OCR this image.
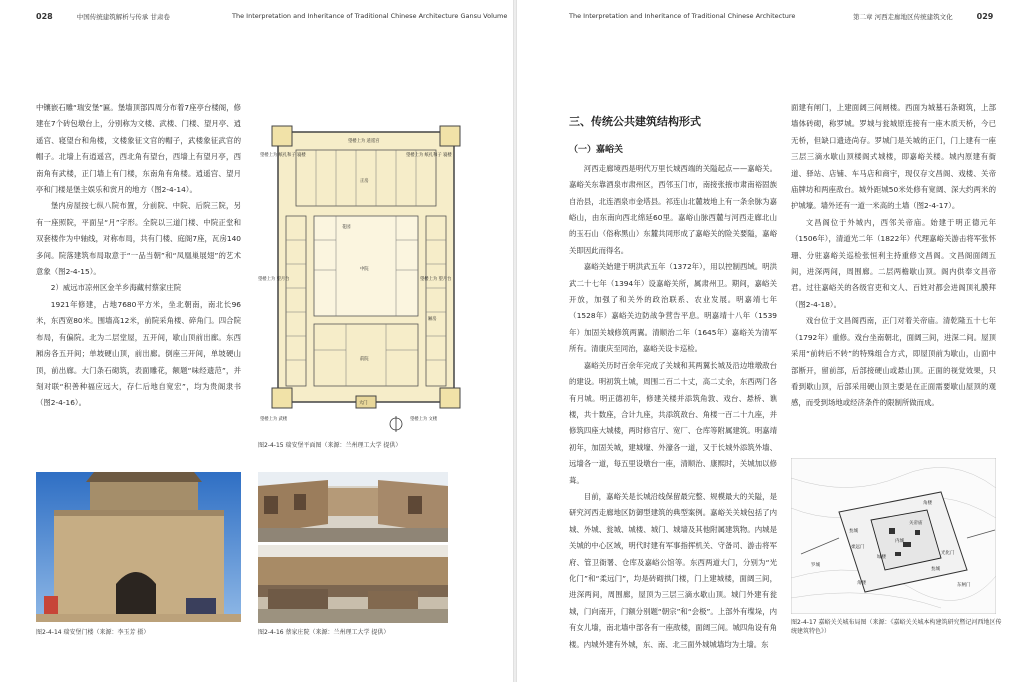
028	中国传统建筑解析与传承 甘肃卷	The Interpretation and Inheritance of Traditional Chinese Architecture Gansu Volume

中镶嵌石雕“瑞安堡”匾。堡墙顶部四周分布着7座亭台楼阁，修建在7个砖包墩台上，分别称为文楼、武楼、门楼、望月亭、逍遥宫、寝望台和角楼，文楼象征文官的帽子，武楼象征武官的帽子。北墙上有逍遥宫，西北角有望台，西墙上有望月亭，西南角有武楼，正门墙上有门楼，东南角有角楼。逍遥宫、望月亭和门楼是堡主娱乐和赏月的地方（图2-4-14）。

堡内房屋按七纵八院布置，分前院、中院、后院三院，另有一座照院，平面呈“月”字形。全院以三道门楼、中院正堂和双套楼作为中轴线，对称布局，共有门楼、庭阁7座，瓦房140多间。院落建筑布局取意于“一品当朝”和“凤凰巢展翅”的艺术意象（图2-4-15）。

2）威远市凉州区金羊乡海藏村蔡家庄院

1921年修建，占地7680平方米，坐北朝南，南北长96米，东西宽80米。围墙高12米，前院采角楼、碎角门。四合院布局，有偏院。北为二层堂屋，五开间，歇山顶前出廊。东西厢房各五开间；单坡硬山顶，前出廊。倒座三开间，单坡硬山顶，前出廊。大门条石砌筑，表面雕花，额题“味经遗范”，并刻对联“积善种福应远大，存仁后地自宽宏”，均为贵阁隶书（图2-4-16）。

望楼上为 纸扎和子 寝楼
望楼上为 逍遥宫
望楼上为 纸扎和子 寝楼
望楼上为 望月台	望楼上为 望月台
望楼上为 武楼	望楼上为 文楼
正房
中院
前院
花园
厢房
大门
图2-4-15 瑞安堡平面图（来源：兰州理工大学 提供）
图2-4-14 瑞安堡门楼（来源：李玉芳 摄）	图2-4-16 蔡家庄院（来源：兰州理工大学 提供）
The Interpretation and Inheritance of Traditional Chinese Architecture	第二章 河西走廊地区传统建筑文化	029
三、传统公共建筑结构形式
（一）嘉峪关

河西走廊境西是明代万里长城西端的关隘起点——嘉峪关。嘉峪关东靠酒泉市肃州区，西邻玉门市，南接张掖市肃南裕固族自治县，北连酒泉市金塔县。祁连山北麓坡地上有一条余脉为嘉峪山，由东南向西北绵延60里。嘉峪山脉西麓与河西走廊北山的玉石山（俗称黑山）东麓共同形成了嘉峪关的险关要隘，嘉峪关即因此而得名。

嘉峪关始建于明洪武五年（1372年），用以控制西域。明洪武二十七年（1394年）设嘉峪关所，属肃州卫。期间，嘉峪关开放，加强了和关外的政治联系、农业发展。明嘉靖七年（1528年）嘉峪关边防战争营告平息。明嘉靖十八年（1539年）加固关城修筑两翼。清顺治二年（1645年）嘉峪关为清军所有。清康庆至同治，嘉峪关设卡巡检。

嘉峪关历时百余年完成了关城和其两翼长城及沿边堆墩敌台的建设。明初筑土城，周围二百二十丈，高二丈余，东西两门各有月城。明正德初年，修建关楼并添筑角敦、戏台、悬桥、谯楼，共十数座，合计九座，共添筑敌台、角楼一百二十九座，并修筑四座大城楼，两时修官厅、宽厂、仓库等附属建筑。明嘉靖初年，加固关城，建城壕、外濠各一道，又于长城外添筑外墙、远墙各一道，每五里设墩台一座，清顺治、康熙时，关城加以修葺。

目前，嘉峪关是长城沿线保留最完整、规模最大的关隘，是研究河西走廊地区防御型建筑的典型案例。嘉峪关关城包括了内城、外城、瓮城、城楼、城门、城墙及其他附属建筑物。内城是关城的中心区域，明代时建有军事指挥机关、守备司、游击将军府、管卫衙署、仓库及嘉峪公馆等。东西两道大门，分别为“光化门”和“柔远门”，均是砖砌拱门楼，门上建城楼，面阔三间，进深两间，周围廊，屋顶为三层三滴水歇山顶。城门外建有瓮城，门向南开，门额分别题“朝宗”和“会极”。上部外有堞垛，内有女儿墙，南北墙中部各有一座敌楼，面阔三间。城四角设有角楼。内城外建有外城，东、南、北三面外城城墙均为土墙。东

面建有闸门，上建面阔三间闸楼。西面为城墓石条砌筑，上部墙体砖砌，称罗城。罗城与瓮城原连接有一座木质天桥，今已无桥，但缺口遗迹尚存。罗城门是关城的正门，门上建有一座三层三滴水歇山顶楼阁式城楼，即嘉峪关楼。城内原建有衙道、驿站、店铺、车马店和商宇，现仅存文昌阁、戏楼、关帝庙牌坊和两座敌台。城外距城50米处修有宽阔、深大约两米的护城壕。墙外还有一道一米高的土墙（图2-4-17）。

文昌阁位于外城内，西邻关帝庙。始建于明正德元年（1506年），清道光二年（1822年）代理嘉峪关游击将军张怀珊、分驻嘉峪关巡检张恒利主持重修文昌阁。文昌阁面阔五间，进深两间，周围廊。二层两檐歇山顶。阁内供奉文昌帝君。过往嘉峪关的各级官吏和文人、百姓对都会进阁顶礼膜拜（图2-4-18）。

戏台位于文昌阁西南，正门对着关帝庙。清乾隆五十七年（1792年）重修。戏台坐南朝北，面阔三间，进深二间。屋顶采用“前转后不转”的特殊组合方式，即屋顶前为歇山，山面中部断开，留前部，后部接硬山或悬山顶。正面的视觉效果，只看到歇山顶，后部采用硬山顶主要是在正面需要歇山屋顶的观感，而受到场地或经济条件的限制所做而成。

角楼
角楼
光化门
柔远门
瓮城
瓮城
城楼
关帝庙
内城
东闸门
罗城
图2-4-17 嘉峪关关城布局图（来源：《嘉峪关关城本构建筑研究暨记河西地区传统建筑特色》）
